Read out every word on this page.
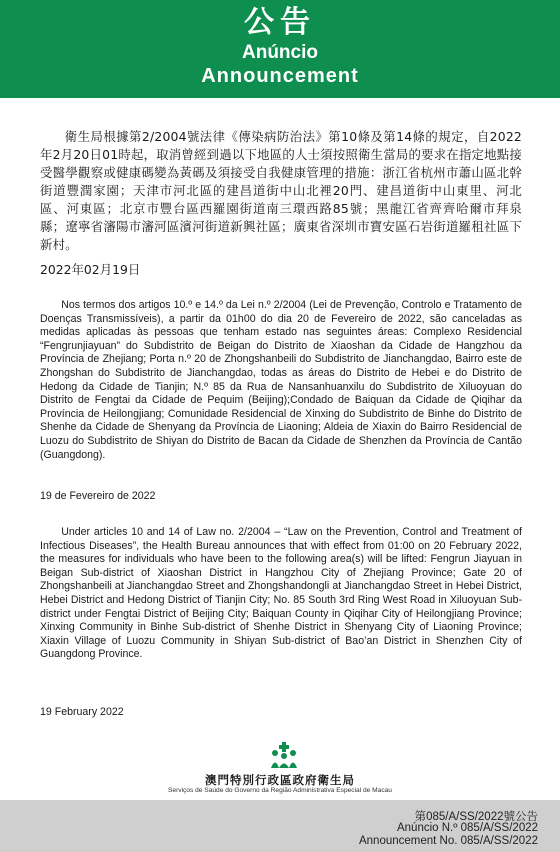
公告
Anúncio
Announcement
衛生局根據第2/2004號法律《傳染病防治法》第10條及第14條的規定，自2022年2月20日01時起，取消曾經到過以下地區的人士須按照衛生當局的要求在指定地點接受醫學觀察或健康碼變為黃碼及須接受自我健康管理的措施：浙江省杭州市蕭山區北幹街道豐潤家園；天津市河北區的建昌道街中山北裡20門、建昌道街中山東里、河北區、河東區；北京市豐台區西羅園街道南三環西路85號；黑龍江省齊齊哈爾市拜泉縣；遼寧省瀋陽市瀋河區濱河街道新興社區；廣東省深圳市寶安區石岩街道羅租社區下新村。
2022年02月19日
Nos termos dos artigos 10.º e 14.º da Lei n.º 2/2004 (Lei de Prevenção, Controlo e Tratamento de Doenças Transmissíveis), a partir da 01h00 do dia 20 de Fevereiro de 2022, são canceladas as medidas aplicadas às pessoas que tenham estado nas seguintes áreas: Complexo Residencial “Fengrunjiayuan” do Subdistrito de Beigan do Distrito de Xiaoshan da Cidade de Hangzhou da Província de Zhejiang; Porta n.º 20 de Zhongshanbeili do Subdistrito de Jianchangdao, Bairro este de Zhongshan do Subdistrito de Jianchangdao, todas as áreas do Distrito de Hebei e do Distrito de Hedong da Cidade de Tianjin; N.º 85 da Rua de Nansanhuanxilu do Subdistrito de Xiluoyuan do Distrito de Fengtai da Cidade de Pequim (Beijing);Condado de Baiquan da Cidade de Qiqihar da Província de Heilongjiang; Comunidade Residencial de Xinxing do Subdistrito de Binhe do Distrito de Shenhe da Cidade de Shenyang da Província de Liaoning; Aldeia de Xiaxin do Bairro Residencial de Luozu do Subdistrito de Shiyan do Distrito de Bacan da Cidade de Shenzhen da Província de Cantão (Guangdong).
19 de Fevereiro de 2022
Under articles 10 and 14 of Law no. 2/2004 – “Law on the Prevention, Control and Treatment of Infectious Diseases”, the Health Bureau announces that with effect from 01:00 on 20 February 2022, the measures for individuals who have been to the following area(s) will be lifted: Fengrun Jiayuan in Beigan Sub-district of Xiaoshan District in Hangzhou City of Zhejiang Province; Gate 20 of Zhongshanbeili at Jianchangdao Street and Zhongshandongli at Jianchangdao Street in Hebei District, Hebei District and Hedong District of Tianjin City; No. 85 South 3rd Ring West Road in Xiluoyuan Sub-district under Fengtai District of Beijing City; Baiquan County in Qiqihar City of Heilongjiang Province; Xinxing Community in Binhe Sub-district of Shenhe District in Shenyang City of Liaoning Province; Xiaxin Village of Luozu Community in Shiyan Sub-district of Bao’an District in Shenzhen City of Guangdong Province.
19 February 2022
澳門特別行政區政府衛生局
Serviços de Saúde do Governo da Região Administrativa Especial de Macau
第085/A/SS/2022號公告
Anúncio N.º 085/A/SS/2022
Announcement No. 085/A/SS/2022
